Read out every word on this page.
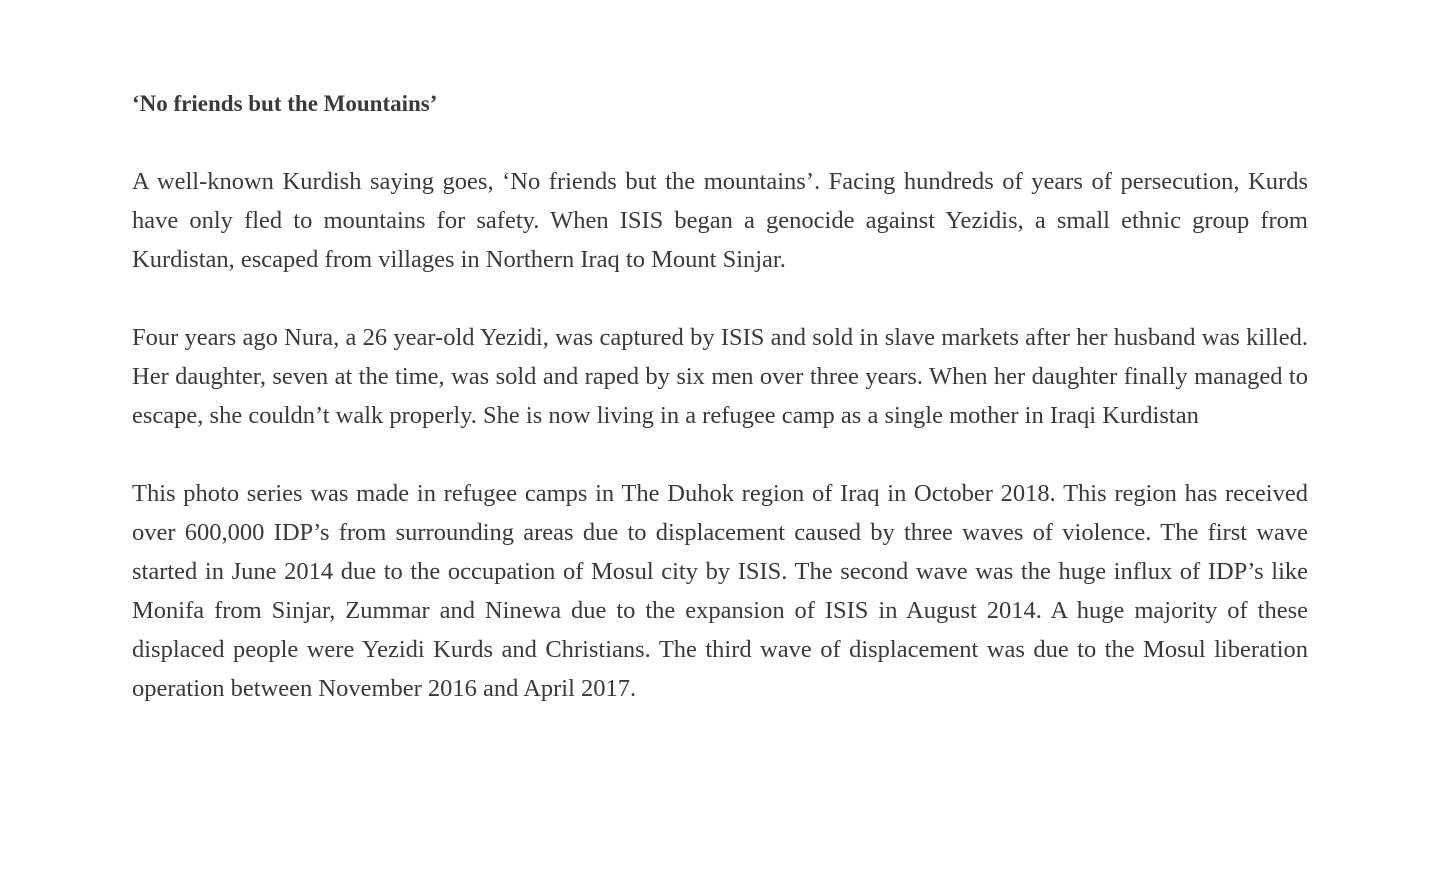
‘No friends but the Mountains’

A well-known Kurdish saying goes, ‘No friends but the mountains’. Facing hundreds of years of persecution, Kurds have only fled to mountains for safety. When ISIS began a genocide against Yezidis, a small ethnic group from Kurdistan, escaped from villages in Northern Iraq to Mount Sinjar.

Four years ago Nura, a 26 year-old Yezidi, was captured by ISIS and sold in slave markets after her husband was killed. Her daughter, seven at the time, was sold and raped by six men over three years. When her daughter finally managed to escape, she couldn’t walk properly. She is now living in a refugee camp as a single mother in Iraqi Kurdistan

This photo series was made in refugee camps in The Duhok region of Iraq in October 2018. This region has received over 600,000 IDP’s from surrounding areas due to displacement caused by three waves of violence. The first wave started in June 2014 due to the occupation of Mosul city by ISIS. The second wave was the huge influx of IDP’s like Monifa from Sinjar, Zummar and Ninewa due to the expansion of ISIS in August 2014. A huge majority of these displaced people were Yezidi Kurds and Christians. The third wave of displacement was due to the Mosul liberation operation between November 2016 and April 2017.
